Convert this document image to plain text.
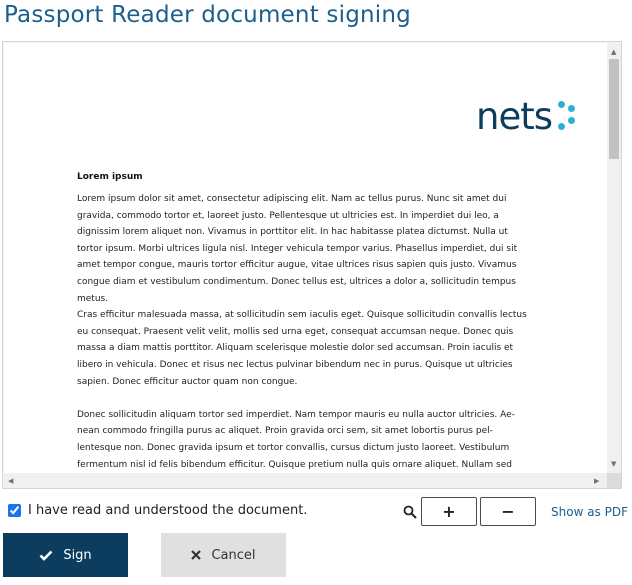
Passport Reader document signing
nets
Lorem ipsum
Lorem ipsum dolor sit amet, consectetur adipiscing elit. Nam ac tellus purus. Nunc sit amet dui
gravida, commodo tortor et, laoreet justo. Pellentesque ut ultricies est. In imperdiet dui leo, a
dignissim lorem aliquet non. Vivamus in porttitor elit. In hac habitasse platea dictumst. Nulla ut
tortor ipsum. Morbi ultrices ligula nisl. Integer vehicula tempor varius. Phasellus imperdiet, dui sit
amet tempor congue, mauris tortor efficitur augue, vitae ultrices risus sapien quis justo. Vivamus
congue diam et vestibulum condimentum. Donec tellus est, ultrices a dolor a, sollicitudin tempus
metus.
Cras efficitur malesuada massa, at sollicitudin sem iaculis eget. Quisque sollicitudin convallis lectus
eu consequat. Praesent velit velit, mollis sed urna eget, consequat accumsan neque. Donec quis
massa a diam mattis porttitor. Aliquam scelerisque molestie dolor sed accumsan. Proin iaculis et
libero in vehicula. Donec et risus nec lectus pulvinar bibendum nec in purus. Quisque ut ultricies
sapien. Donec efficitur auctor quam non congue.
Donec sollicitudin aliquam tortor sed imperdiet. Nam tempor mauris eu nulla auctor ultricies. Ae-
nean commodo fringilla purus ac aliquet. Proin gravida orci sem, sit amet lobortis purus pel-
lentesque non. Donec gravida ipsum et tortor convallis, cursus dictum justo laoreet. Vestibulum
fermentum nisl id felis bibendum efficitur. Quisque pretium nulla quis ornare aliquet. Nullam sed
▲
▼
◀	▶
I have read and understood the document.	+	−	Show as PDF
Sign	Cancel
